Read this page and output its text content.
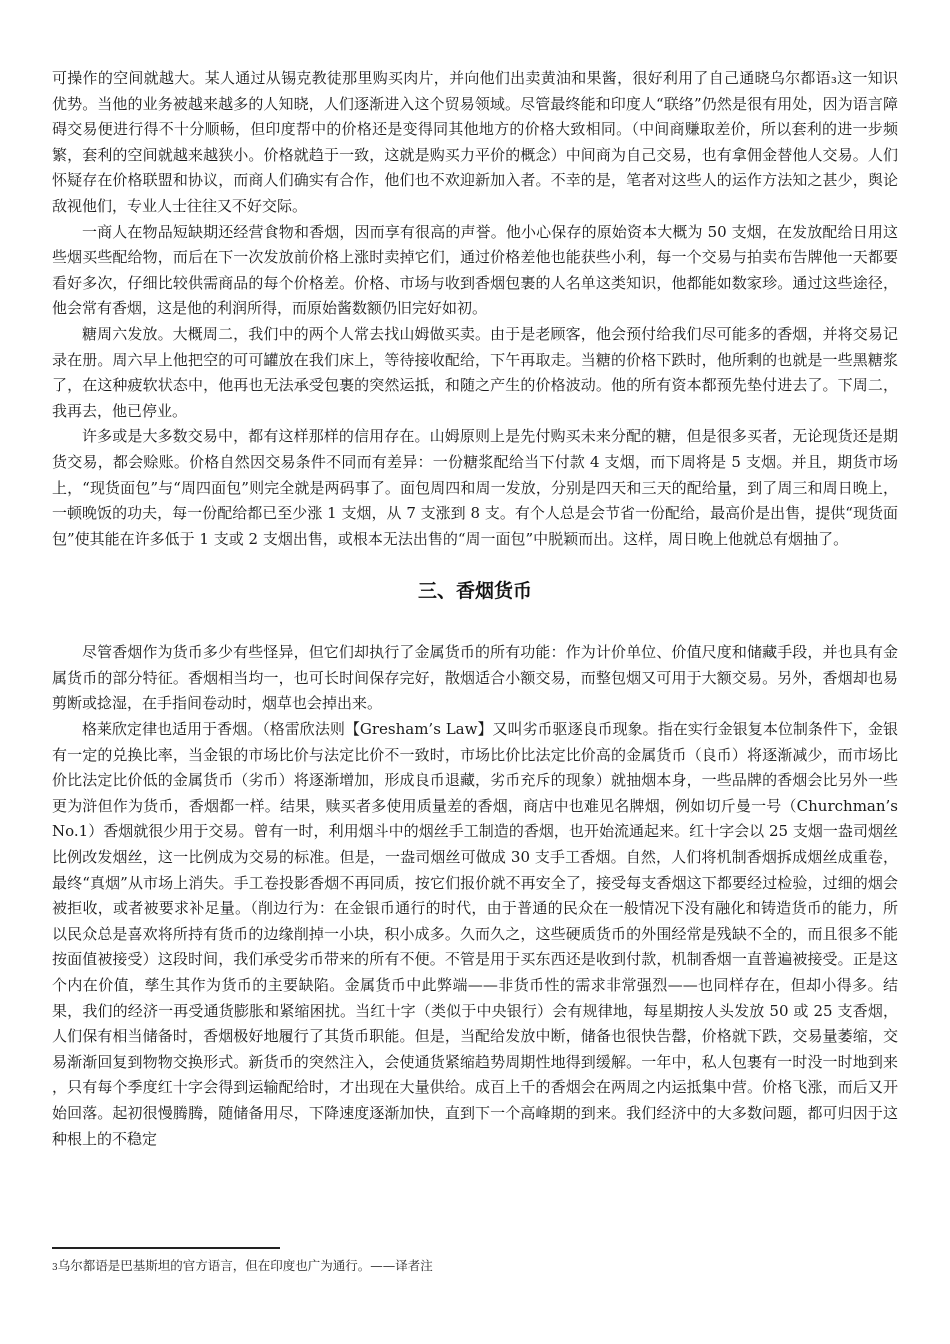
可操作的空间就越大。某人通过从锡克教徒那里购买肉片，并向他们出卖黄油和果酱，很好利用了自己通晓乌尔都语₃这一知识优势。当他的业务被越来越多的人知晓，人们逐渐进入这个贸易领域。尽管最终能和印度人“联络”仍然是很有用处，因为语言障碍交易便进行得不十分顺畅，但印度帮中的价格还是变得同其他地方的价格大致相同。（中间商赚取差价，所以套利的进一步频繁，套利的空间就越来越狭小。价格就趋于一致，这就是购买力平价的概念）中间商为自己交易，也有拿佣金替他人交易。人们怀疑存在价格联盟和协议，而商人们确实有合作，他们也不欢迎新加入者。不幸的是，笔者对这些人的运作方法知之甚少，舆论敌视他们，专业人士往往又不好交际。

一商人在物品短缺期还经营食物和香烟，因而享有很高的声誉。他小心保存的原始资本大概为 50 支烟，在发放配给日用这些烟买些配给物，而后在下一次发放前价格上涨时卖掉它们，通过价格差他也能获些小利，每一个交易与拍卖布告牌他一天都要看好多次，仔细比较供需商品的每个价格差。价格、市场与收到香烟包裹的人名单这类知识，他都能如数家珍。通过这些途径，他会常有香烟，这是他的利润所得，而原始酱数额仍旧完好如初。

糖周六发放。大概周二，我们中的两个人常去找山姆做买卖。由于是老顾客，他会预付给我们尽可能多的香烟，并将交易记录在册。周六早上他把空的可可罐放在我们床上，等待接收配给，下午再取走。当糖的价格下跌时，他所剩的也就是一些黑糖浆了，在这种疲软状态中，他再也无法承受包裹的突然运抵，和随之产生的价格波动。他的所有资本都预先垫付进去了。下周二，我再去，他已停业。

许多或是大多数交易中，都有这样那样的信用存在。山姆原则上是先付购买未来分配的糖，但是很多买者，无论现货还是期货交易，都会赊账。价格自然因交易条件不同而有差异：一份糖浆配给当下付款 4 支烟，而下周将是 5 支烟。并且，期货市场上，“现货面包”与“周四面包”则完全就是两码事了。面包周四和周一发放，分别是四天和三天的配给量，到了周三和周日晚上，一顿晚饭的功夫，每一份配给都已至少涨 1 支烟，从 7 支涨到 8 支。有个人总是会节省一份配给，最高价是出售，提供“现货面包”使其能在许多低于 1 支或 2 支烟出售，或根本无法出售的“周一面包”中脱颖而出。这样，周日晚上他就总有烟抽了。

三、香烟货币

尽管香烟作为货币多少有些怪异，但它们却执行了金属货币的所有功能：作为计价单位、价值尺度和储藏手段，并也具有金属货币的部分特征。香烟相当均一，也可长时间保存完好，散烟适合小额交易，而整包烟又可用于大额交易。另外，香烟却也易剪断或捻湿，在手指间卷动时，烟草也会掉出来。

格莱欣定律也适用于香烟。（格雷欣法则【Gresham’s Law】又叫劣币驱逐良币现象。指在实行金银复本位制条件下，金银有一定的兑换比率，当金银的市场比价与法定比价不一致时，市场比价比法定比价高的金属货币（良币）将逐渐减少，而市场比价比法定比价低的金属货币（劣币）将逐渐增加，形成良币退藏，劣币充斥的现象）就抽烟本身，一些品牌的香烟会比另外一些更为浒但作为货币，香烟都一样。结果，赎买者多使用质量差的香烟，商店中也难见名牌烟，例如切斤曼一号（Churchman’s No.1）香烟就很少用于交易。曾有一时，利用烟斗中的烟丝手工制造的香烟，也开始流通起来。红十字会以 25 支烟一盎司烟丝比例改发烟丝，这一比例成为交易的标准。但是，一盎司烟丝可做成 30 支手工香烟。自然，人们将机制香烟拆成烟丝成重卷，最终“真烟”从市场上消失。手工卷投影香烟不再同质，按它们报价就不再安全了，接受每支香烟这下都要经过检验，过细的烟会被拒收，或者被要求补足量。（削边行为：在金银币通行的时代，由于普通的民众在一般情况下没有融化和铸造货币的能力，所以民众总是喜欢将所持有货币的边缘削掉一小块，积小成多。久而久之，这些硬质货币的外围经常是残缺不全的，而且很多不能按面值被接受）这段时间，我们承受劣币带来的所有不便。不管是用于买东西还是收到付款，机制香烟一直普遍被接受。正是这个内在价值，孳生其作为货币的主要缺陷。金属货币中此弊端——非货币性的需求非常强烈——也同样存在，但却小得多。结果，我们的经济一再受通货膨胀和紧缩困扰。当红十字（类似于中央银行）会有规律地，每星期按人头发放 50 或 25 支香烟，人们保有相当储备时，香烟极好地履行了其货币职能。但是，当配给发放中断，储备也很快告罄，价格就下跌，交易量萎缩，交易渐渐回复到物物交换形式。新货币的突然注入，会使通货紧缩趋势周期性地得到缓解。一年中，私人包裹有一时没一时地到来 ，只有每个季度红十字会得到运输配给时，才出现在大量供给。成百上千的香烟会在两周之内运抵集中营。价格飞涨，而后又开始回落。起初很慢腾腾，随储备用尽，下降速度逐渐加快，直到下一个高峰期的到来。我们经济中的大多数问题，都可归因于这种根上的不稳定

3乌尔都语是巴基斯坦的官方语言，但在印度也广为通行。——译者注
